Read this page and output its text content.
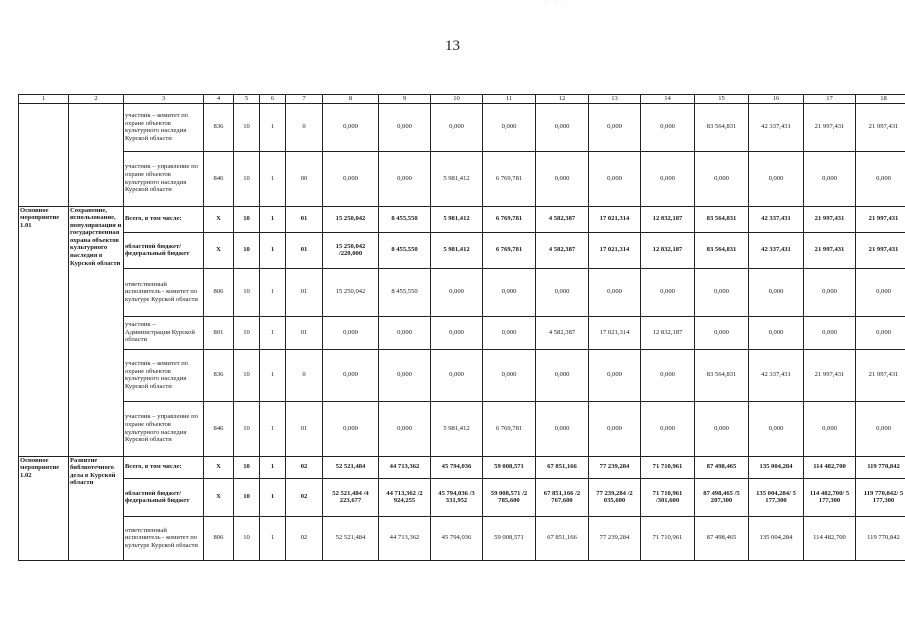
· · ·
13
1	2	3	4	5	6	7	8	9	10	11	12	13	14	15	16	17	18
		участник – комитет по охране объектов культурного наследия Курской области	836	10	1	0	0,000	0,000	0,000	0,000	0,000	0,000	0,000	83 564,831	42 337,431	21 997,431	21 997,431
		участник – управление по охране объектов культурного наследия Курской области	846	10	1	00	0,000	0,000	5 981,412	6 769,781	0,000	0,000	0,000	0,000	0,000	0,000	0,000
Основное мероприятие 1.01	Сохранение, использование, популяризация и государственная охрана объектов культурного наследия в Курской области	Всего, в том числе:	X	10	1	01	15 250,042	8 455,550	5 981,412	6 769,781	4 582,387	17 021,314	12 832,187	83 564,831	42 337,431	21 997,431	21 997,431
		областной бюджет/ федеральный бюджет	X	10	1	01	15 250,042 /220,000	8 455,550	5 981,412	6 769,781	4 582,387	17 021,314	12 832,187	83 564,831	42 337,431	21 997,431	21 997,431
		ответственный исполнитель - комитет по культуре Курской области	806	10	1	01	15 250,042	8 455,550	0,000	0,000	0,000	0,000	0,000	0,000	0,000	0,000	0,000
		участник – Администрация Курской области	801	10	1	01	0,000	0,000	0,000	0,000	4 582,387	17 021,314	12 832,187	0,000	0,000	0,000	0,000
		участник – комитет по охране объектов культурного наследия Курской области	836	10	1	0	0,000	0,000	0,000	0,000	0,000	0,000	0,000	83 564,831	42 337,431	21 997,431	21 997,431
		участник – управление по охране объектов культурного наследия Курской области	846	10	1	01	0,000	0,000	5 981,412	6 769,781	0,000	0,000	0,000	0,000	0,000	0,000	0,000
Основное мероприятие 1.02	Развитие библиотечного дела в Курской области	Всего, в том числе:	X	10	1	02	52 521,484	44 713,362	45 794,036	59 008,571	67 851,166	77 239,284	71 710,961	87 498,465	135 004,284	114 482,700	119 770,842
		областной бюджет/ федеральный бюджет	X	10	1	02	52 521,484 /4 223,677	44 713,362 /2 924,255	45 794,036 /3 331,952	59 008,571 /2 785,600	67 851,166 /2 767,600	77 239,284 /2 035,600	71 710,961 /301,600	87 498,465 /5 207,300	135 004,284/ 5 177,300	114 482,700/ 5 177,300	119 770,842/ 5 177,300
		ответственный исполнитель - комитет по культуре Курской области	806	10	1	02	52 521,484	44 713,362	45 794,036	59 008,571	67 851,166	77 239,284	71 710,961	87 498,465	135 004,284	114 482,700	119 770,842
